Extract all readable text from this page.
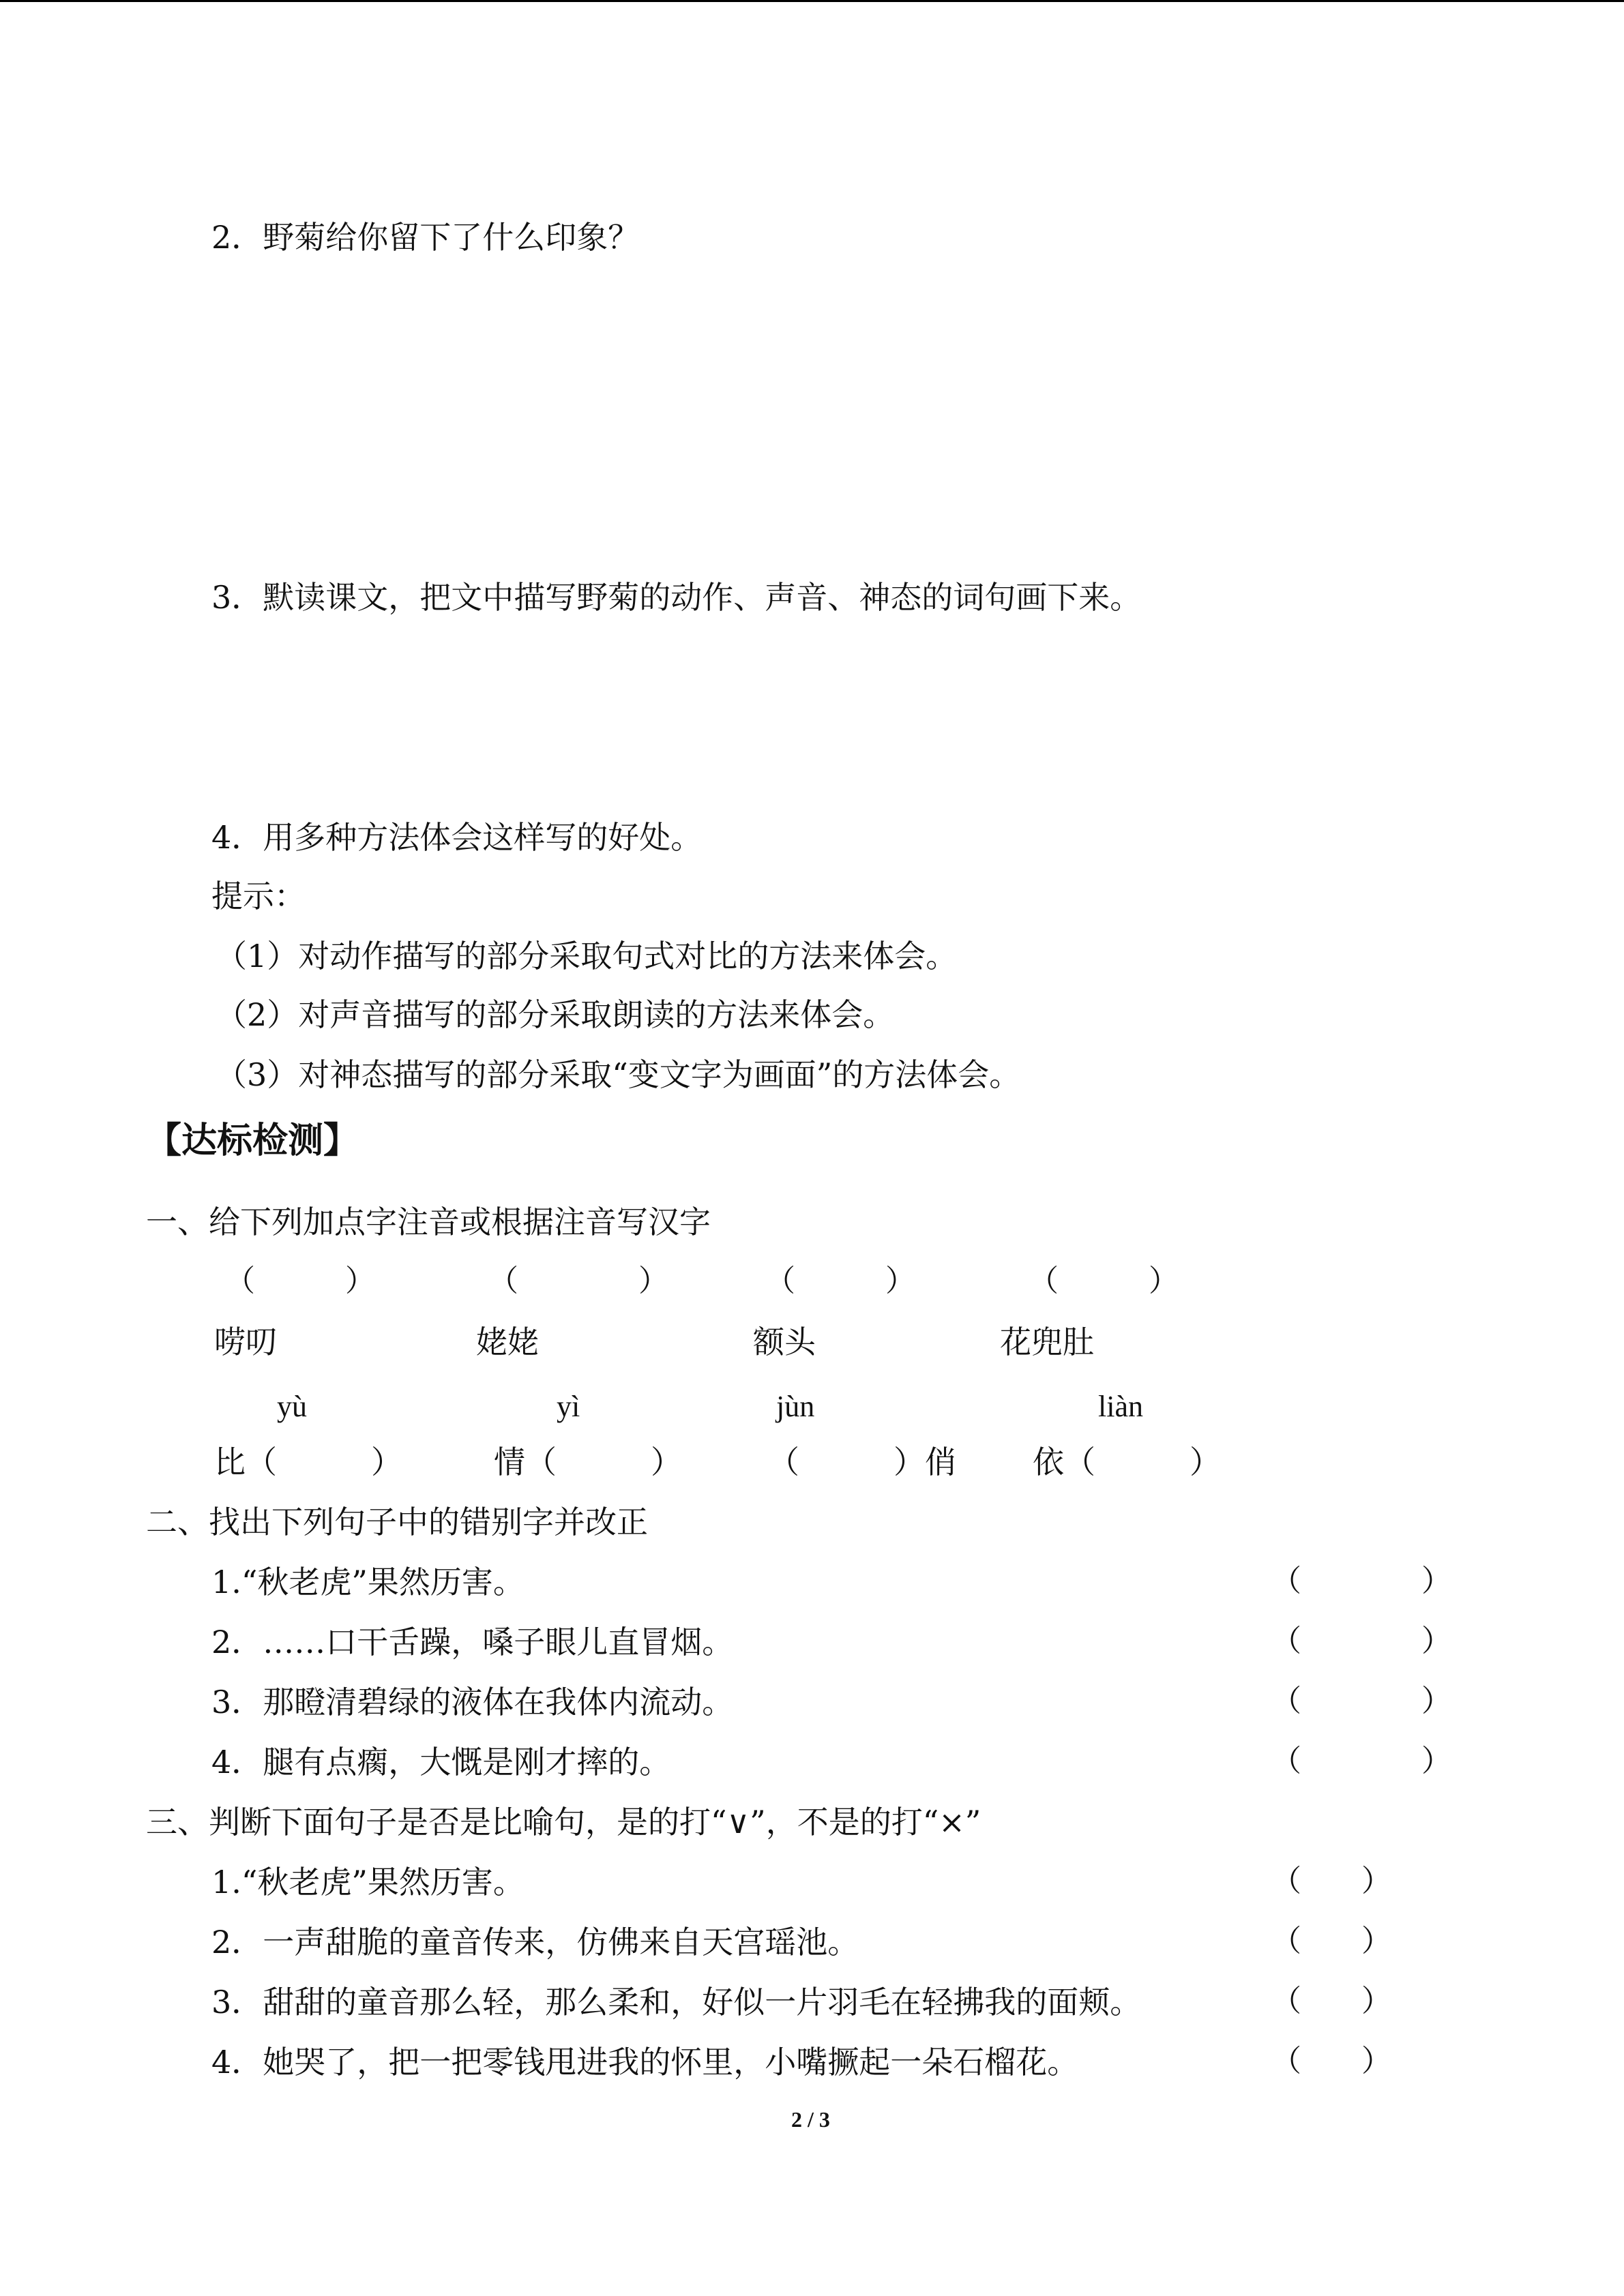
2．野菊给你留下了什么印象？
3．默读课文，把文中描写野菊的动作、声音、神态的词句画下来。
4．用多种方法体会这样写的好处。
提示：
（1）对动作描写的部分采取句式对比的方法来体会。
（2）对声音描写的部分采取朗读的方法来体会。
（3）对神态描写的部分采取“变文字为画面”的方法体会。
【达标检测】
一、给下列加点字注音或根据注音写汉字
（　　　）	（　　　　）	（　　　）	（　　　）
唠叨	姥姥	额头	花兜肚
yù	yì	jùn	liàn
比（　　　）	情（　　　）	（　　　）俏 依（　　　）
二、找出下列句子中的错别字并改正
1.“秋老虎”果然历害。	（　　　　）
2．……口干舌躁，嗓子眼儿直冒烟。	（　　　　）
3．那瞪清碧绿的液体在我体内流动。	（　　　　）
4．腿有点瘸，大慨是刚才摔的。	（　　　　）
三、判断下面句子是否是比喻句，是的打“∨”，不是的打“×”
1.“秋老虎”果然历害。	（　　）
2．一声甜脆的童音传来，仿佛来自天宫瑶池。	（　　）
3．甜甜的童音那么轻，那么柔和，好似一片羽毛在轻拂我的面颊。	（　　）
4．她哭了，把一把零钱甩进我的怀里，小嘴撅起一朵石榴花。	（　　）
2 / 3
